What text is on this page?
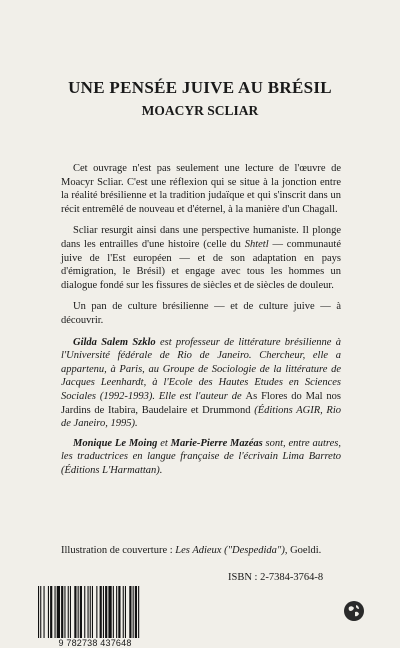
UNE PENSÉE JUIVE AU BRÉSIL
MOACYR SCLIAR

Cet ouvrage n'est pas seulement une lecture de l'œuvre de Moacyr Scliar. C'est une réflexion qui se situe à la jonction entre la réalité brésilienne et la tradition judaïque et qui s'inscrit dans un récit entremêlé de nouveau et d'éternel, à la manière d'un Chagall.

Scliar resurgit ainsi dans une perspective humaniste. Il plonge dans les entrailles d'une histoire (celle du Shtetl — communauté juive de l'Est européen — et de son adaptation en pays d'émigration, le Brésil) et engage avec tous les hommes un dialogue fondé sur les fissures de siècles et de siècles de douleur.

Un pan de culture brésilienne — et de culture juive — à découvrir.

Gilda Salem Szklo est professeur de littérature brésilienne à l'Université fédérale de Rio de Janeiro. Chercheur, elle a appartenu, à Paris, au Groupe de Sociologie de la littérature de Jacques Leenhardt, à l'Ecole des Hautes Etudes en Sciences Sociales (1992-1993). Elle est l'auteur de As Flores do Mal nos Jardins de Itabira, Baudelaire et Drummond (Éditions AGIR, Rio de Janeiro, 1995).

Monique Le Moing et Marie-Pierre Mazéas sont, entre autres, les traductrices en langue française de l'écrivain Lima Barreto (Éditions L'Harmattan).

Illustration de couverture : Les Adieux ("Despedida"), Goeldi.
ISBN : 2-7384-3764-8
9 782738 437648
